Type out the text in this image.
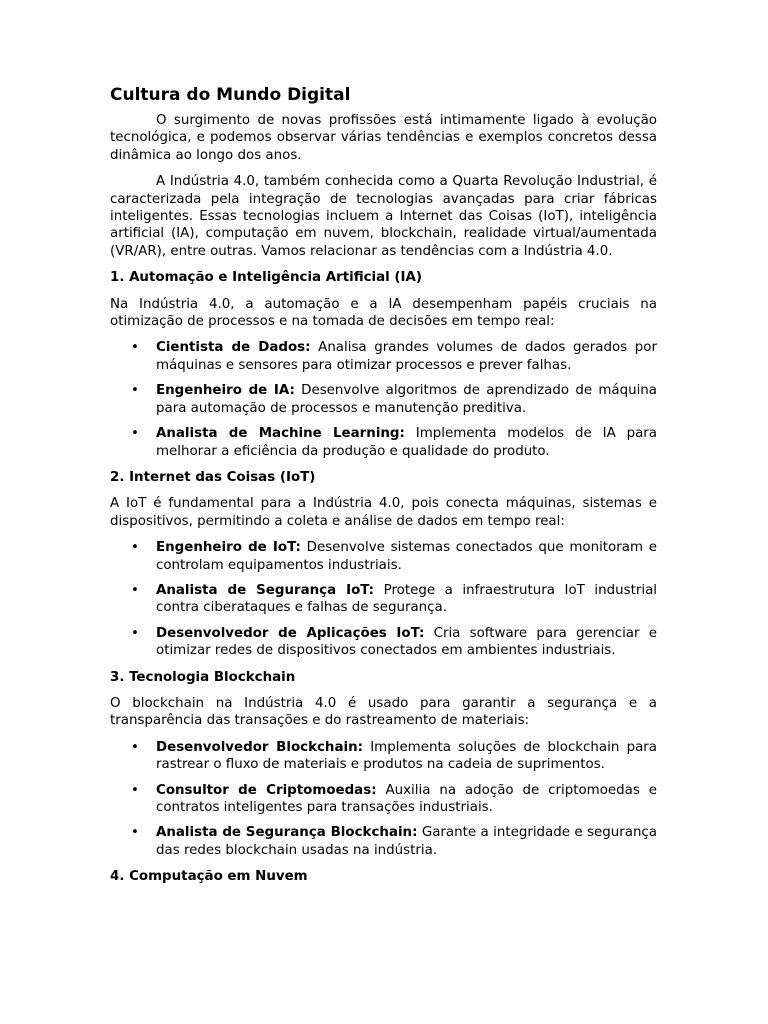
Cultura do Mundo Digital

O surgimento de novas profissões está intimamente ligado à evolução tecnológica, e podemos observar várias tendências e exemplos concretos dessa dinâmica ao longo dos anos.

A Indústria 4.0, também conhecida como a Quarta Revolução Industrial, é caracterizada pela integração de tecnologias avançadas para criar fábricas inteligentes. Essas tecnologias incluem a Internet das Coisas (IoT), inteligência artificial (IA), computação em nuvem, blockchain, realidade virtual/aumentada (VR/AR), entre outras. Vamos relacionar as tendências com a Indústria 4.0.

1. Automação e Inteligência Artificial (IA)

Na Indústria 4.0, a automação e a IA desempenham papéis cruciais na otimização de processos e na tomada de decisões em tempo real:

• Cientista de Dados: Analisa grandes volumes de dados gerados por máquinas e sensores para otimizar processos e prever falhas.
• Engenheiro de IA: Desenvolve algoritmos de aprendizado de máquina para automação de processos e manutenção preditiva.
• Analista de Machine Learning: Implementa modelos de IA para melhorar a eficiência da produção e qualidade do produto.
2. Internet das Coisas (IoT)

A IoT é fundamental para a Indústria 4.0, pois conecta máquinas, sistemas e dispositivos, permitindo a coleta e análise de dados em tempo real:

• Engenheiro de IoT: Desenvolve sistemas conectados que monitoram e controlam equipamentos industriais.
• Analista de Segurança IoT: Protege a infraestrutura IoT industrial contra ciberataques e falhas de segurança.
• Desenvolvedor de Aplicações IoT: Cria software para gerenciar e otimizar redes de dispositivos conectados em ambientes industriais.
3. Tecnologia Blockchain

O blockchain na Indústria 4.0 é usado para garantir a segurança e a transparência das transações e do rastreamento de materiais:

• Desenvolvedor Blockchain: Implementa soluções de blockchain para rastrear o fluxo de materiais e produtos na cadeia de suprimentos.
• Consultor de Criptomoedas: Auxilia na adoção de criptomoedas e contratos inteligentes para transações industriais.
• Analista de Segurança Blockchain: Garante a integridade e segurança das redes blockchain usadas na indústria.
4. Computação em Nuvem
